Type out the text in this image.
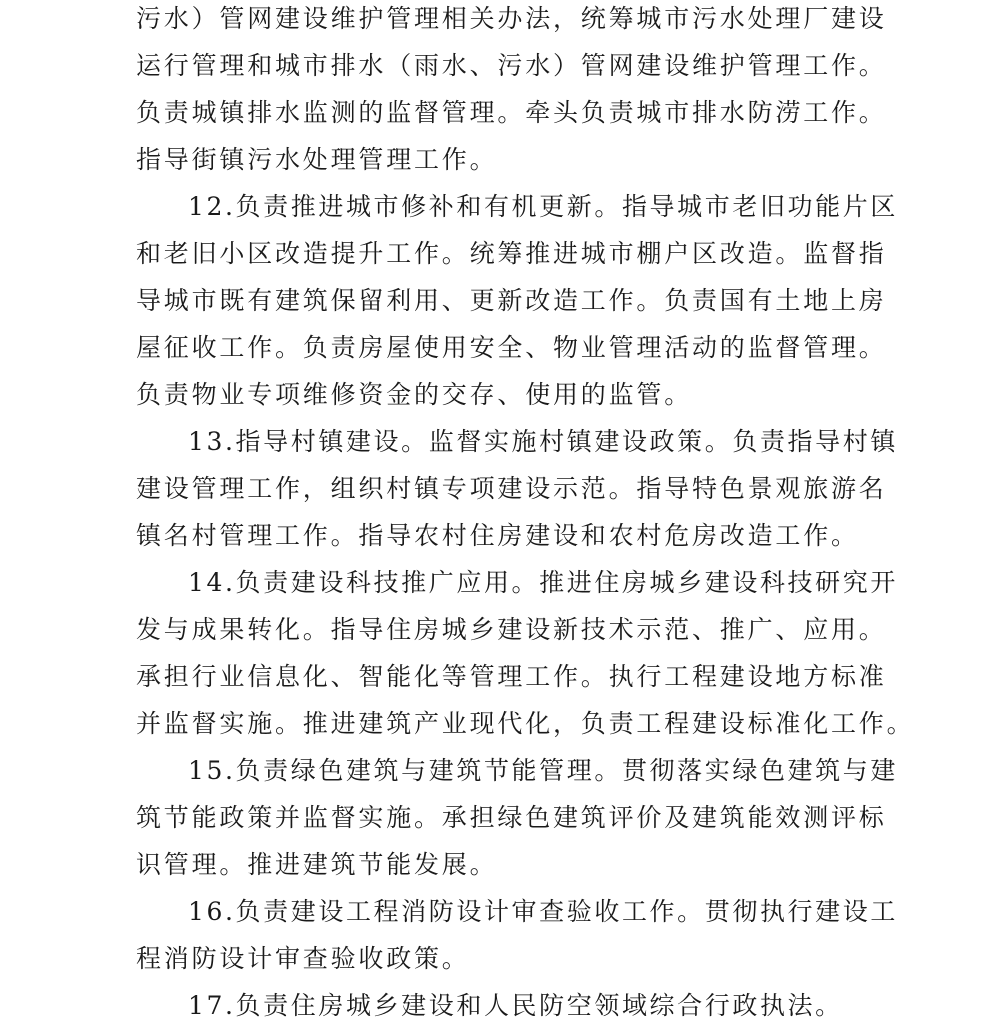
污水）管网建设维护管理相关办法，统筹城市污水处理厂建设
运行管理和城市排水（雨水、污水）管网建设维护管理工作。
负责城镇排水监测的监督管理。牵头负责城市排水防涝工作。
指导街镇污水处理管理工作。
12.负责推进城市修补和有机更新。指导城市老旧功能片区
和老旧小区改造提升工作。统筹推进城市棚户区改造。监督指
导城市既有建筑保留利用、更新改造工作。负责国有土地上房
屋征收工作。负责房屋使用安全、物业管理活动的监督管理。
负责物业专项维修资金的交存、使用的监管。
13.指导村镇建设。监督实施村镇建设政策。负责指导村镇
建设管理工作，组织村镇专项建设示范。指导特色景观旅游名
镇名村管理工作。指导农村住房建设和农村危房改造工作。
14.负责建设科技推广应用。推进住房城乡建设科技研究开
发与成果转化。指导住房城乡建设新技术示范、推广、应用。
承担行业信息化、智能化等管理工作。执行工程建设地方标准
并监督实施。推进建筑产业现代化，负责工程建设标准化工作。
15.负责绿色建筑与建筑节能管理。贯彻落实绿色建筑与建
筑节能政策并监督实施。承担绿色建筑评价及建筑能效测评标
识管理。推进建筑节能发展。
16.负责建设工程消防设计审查验收工作。贯彻执行建设工
程消防设计审查验收政策。
17.负责住房城乡建设和人民防空领域综合行政执法。
